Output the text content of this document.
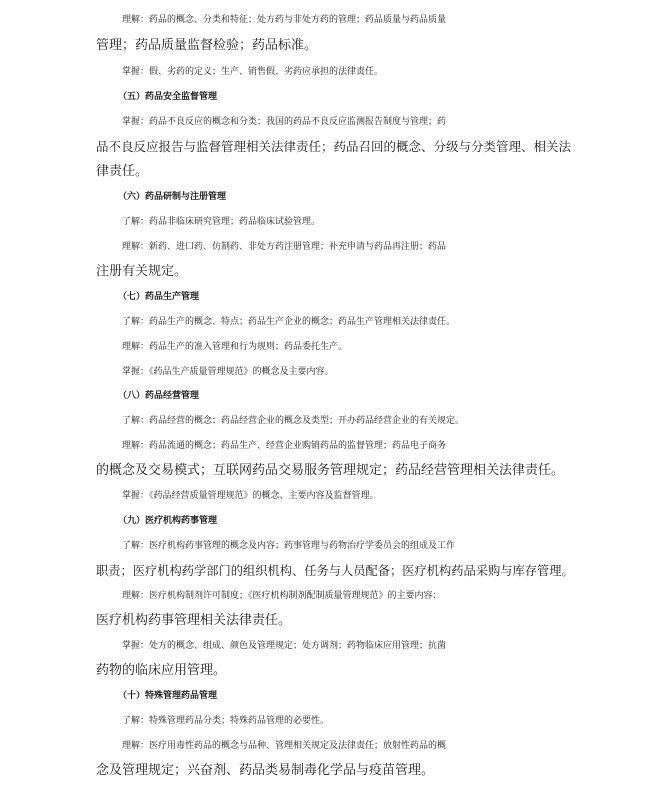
理解：药品的概念、分类和特征；处方药与非处方药的管理；药品质量与药品质量
管理；药品质量监督检验；药品标准。
掌握：假、劣药的定义；生产、销售假、劣药应承担的法律责任。
（五）药品安全监督管理
掌握：药品不良反应的概念和分类；我国的药品不良反应监测报告制度与管理；药
品不良反应报告与监督管理相关法律责任；药品召回的概念、分级与分类管理、相关法
律责任。
（六）药品研制与注册管理
了解：药品非临床研究管理；药品临床试验管理。
理解：新药、进口药、仿制药、非处方药注册管理；补充申请与药品再注册；药品
注册有关规定。
（七）药品生产管理
了解：药品生产的概念、特点；药品生产企业的概念；药品生产管理相关法律责任。
理解：药品生产的准入管理和行为规则；药品委托生产。
掌握：《药品生产质量管理规范》的概念及主要内容。
（八）药品经营管理
了解：药品经营的概念；药品经营企业的概念及类型；开办药品经营企业的有关规定。
理解：药品流通的概念；药品生产、经营企业购销药品的监督管理；药品电子商务
的概念及交易模式；互联网药品交易服务管理规定；药品经营管理相关法律责任。
掌握：《药品经营质量管理规范》的概念、主要内容及监督管理。
（九）医疗机构药事管理
了解：医疗机构药事管理的概念及内容；药事管理与药物治疗学委员会的组成及工作
职责；医疗机构药学部门的组织机构、任务与人员配备；医疗机构药品采购与库存管理。
理解：医疗机构制剂许可制度；《医疗机构制剂配制质量管理规范》的主要内容；
医疗机构药事管理相关法律责任。
掌握：处方的概念、组成、颜色及管理规定；处方调剂；药物临床应用管理；抗菌
药物的临床应用管理。
（十）特殊管理药品管理
了解：特殊管理药品分类；特殊药品管理的必要性。
理解：医疗用毒性药品的概念与品种、管理相关规定及法律责任；放射性药品的概
念及管理规定；兴奋剂、药品类易制毒化学品与疫苗管理。
